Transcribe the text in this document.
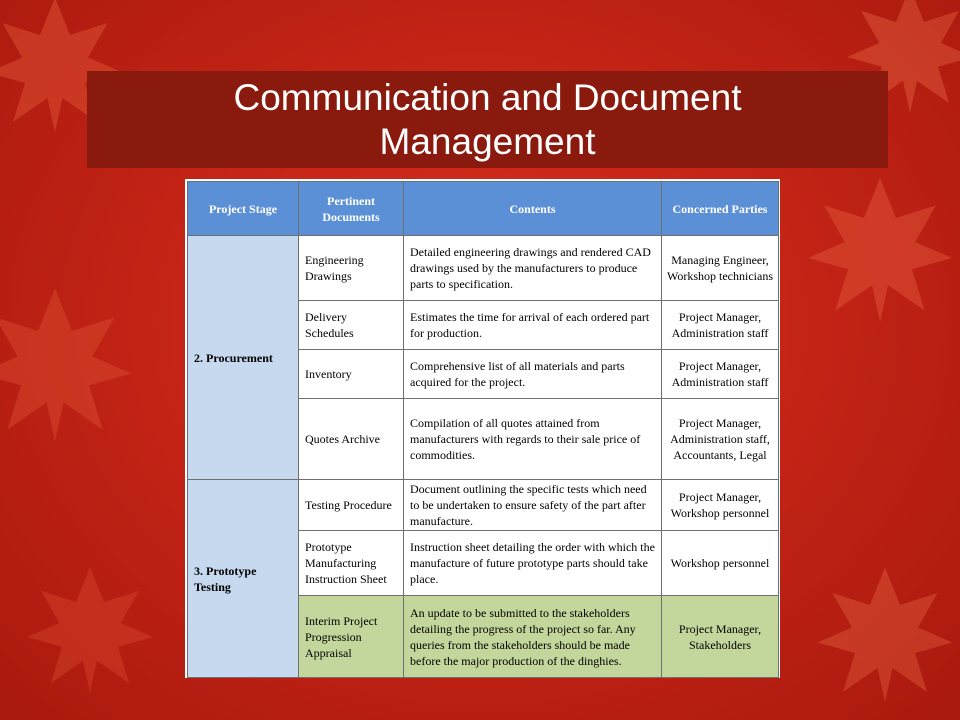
Communication and Document
Management
Project Stage	Pertinent Documents	Contents	Concerned Parties
2. Procurement	Engineering Drawings	Detailed engineering drawings and rendered CAD drawings used by the manufacturers to produce parts to specification.	Managing Engineer, Workshop technicians
	Delivery Schedules	Estimates the time for arrival of each ordered part for production.	Project Manager, Administration staff
	Inventory	Comprehensive list of all materials and parts acquired for the project.	Project Manager, Administration staff
	Quotes Archive	Compilation of all quotes attained from manufacturers with regards to their sale price of commodities.	Project Manager, Administration staff, Accountants, Legal
3. Prototype Testing	Testing Procedure	Document outlining the specific tests which need to be undertaken to ensure safety of the part after manufacture.	Project Manager, Workshop personnel
	Prototype Manufacturing Instruction Sheet	Instruction sheet detailing the order with which the manufacture of future prototype parts should take place.	Workshop personnel
	Interim Project Progression Appraisal	An update to be submitted to the stakeholders detailing the progress of the project so far. Any queries from the stakeholders should be made before the major production of the dinghies.	Project Manager, Stakeholders
